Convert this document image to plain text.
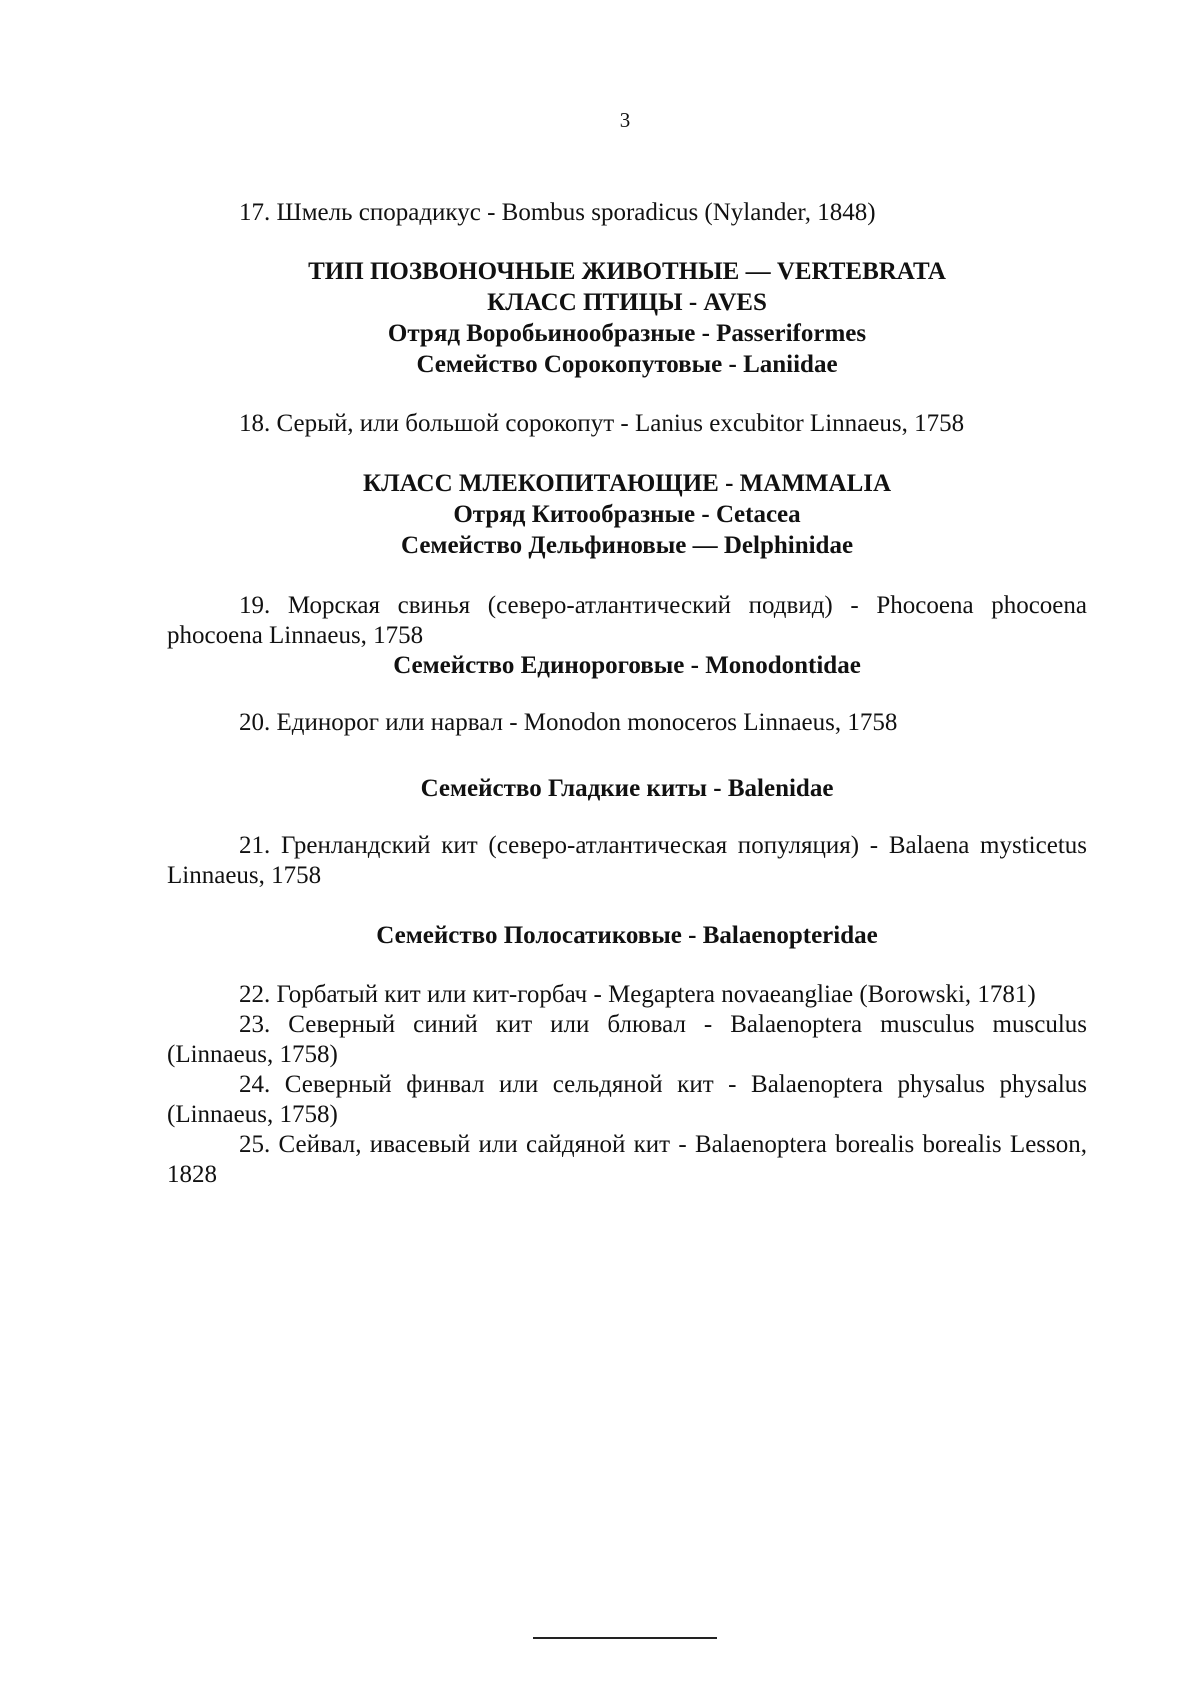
3
17. Шмель спорадикус - Bombus sporadicus (Nylander, 1848)
ТИП ПОЗВОНОЧНЫЕ ЖИВОТНЫЕ — VERTEBRATA
КЛАСС ПТИЦЫ - AVES
Отряд Воробьинообразные - Passeriformes
Семейство Сорокопутовые - Laniidae
18. Серый, или большой сорокопут - Lanius excubitor Linnaeus, 1758
КЛАСС МЛЕКОПИТАЮЩИЕ - MAMMALIA
Отряд Китообразные - Cetacea
Семейство Дельфиновые — Delphinidae
19. Морская свинья (северо-атлантический подвид) - Phocoena phocoena phocoena Linnaeus, 1758
Семейство Единороговые - Monodontidae
20. Единорог или нарвал - Monodon monoceros Linnaeus, 1758
Семейство Гладкие киты - Balenidae
21. Гренландский кит (северо-атлантическая популяция) - Balaena mysticetus Linnaeus, 1758
Семейство Полосатиковые - Balaenopteridae
22. Горбатый кит или кит-горбач - Megaptera novaeangliae (Borowski, 1781)
23. Северный синий кит или блювал - Balaenoptera musculus musculus (Linnaeus, 1758)
24. Северный финвал или сельдяной кит - Balaenoptera physalus physalus (Linnaeus, 1758)
25. Сейвал, ивасевый или сайдяной кит - Balaenoptera borealis borealis Lesson, 1828
